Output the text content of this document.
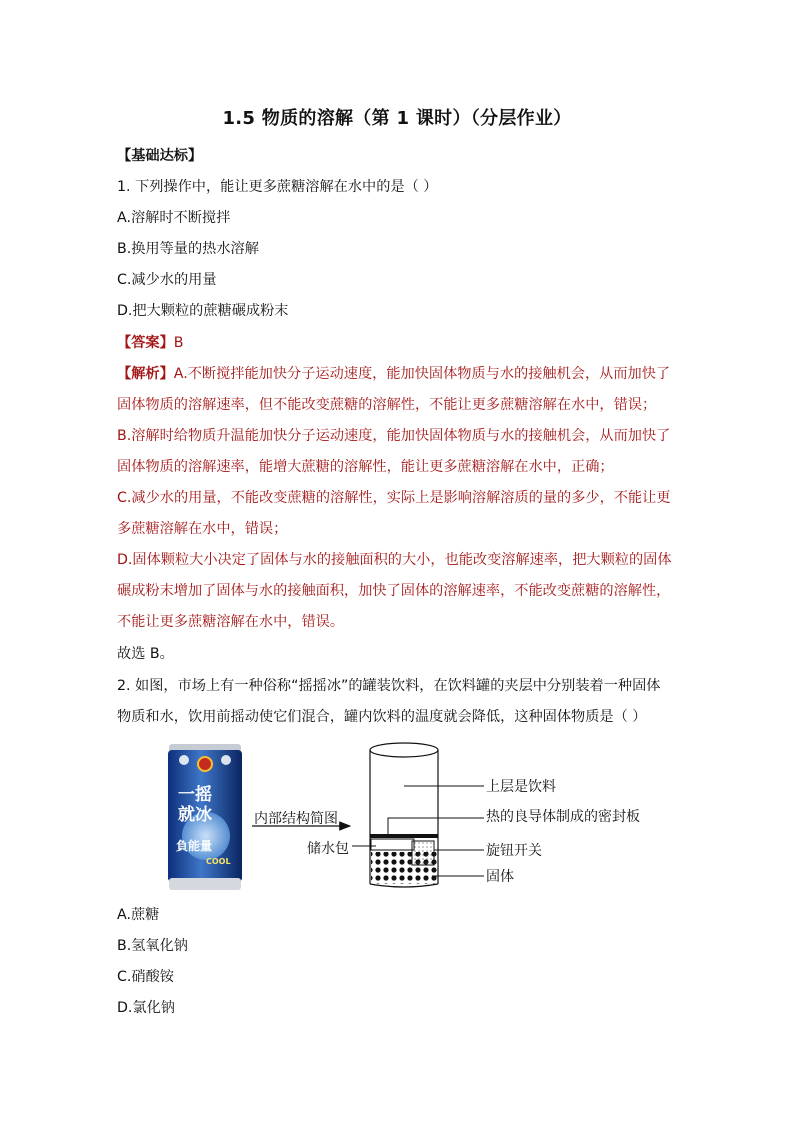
1.5 物质的溶解（第 1 课时）（分层作业）
【基础达标】
1. 下列操作中，能让更多蔗糖溶解在水中的是（ ）
A.溶解时不断搅拌
B.换用等量的热水溶解
C.减少水的用量
D.把大颗粒的蔗糖碾成粉末
【答案】B
【解析】A.不断搅拌能加快分子运动速度，能加快固体物质与水的接触机会，从而加快了
固体物质的溶解速率，但不能改变蔗糖的溶解性，不能让更多蔗糖溶解在水中，错误；
B.溶解时给物质升温能加快分子运动速度，能加快固体物质与水的接触机会，从而加快了
固体物质的溶解速率，能增大蔗糖的溶解性，能让更多蔗糖溶解在水中，正确；
C.减少水的用量，不能改变蔗糖的溶解性，实际上是影响溶解溶质的量的多少，不能让更
多蔗糖溶解在水中，错误；
D.固体颗粒大小决定了固体与水的接触面积的大小，也能改变溶解速率，把大颗粒的固体
碾成粉末增加了固体与水的接触面积，加快了固体的溶解速率，不能改变蔗糖的溶解性，
不能让更多蔗糖溶解在水中，错误。
故选 B。
2. 如图，市场上有一种俗称“摇摇冰”的罐装饮料，在饮料罐的夹层中分别装着一种固体
物质和水，饮用前摇动使它们混合，罐内饮料的温度就会降低，这种固体物质是（ ）
一摇
就冰
負能量
COOL
内部结构简图
储水包
上层是饮料
热的良导体制成的密封板
旋钮开关
固体
A.蔗糖
B.氢氧化钠
C.硝酸铵
D.氯化钠
